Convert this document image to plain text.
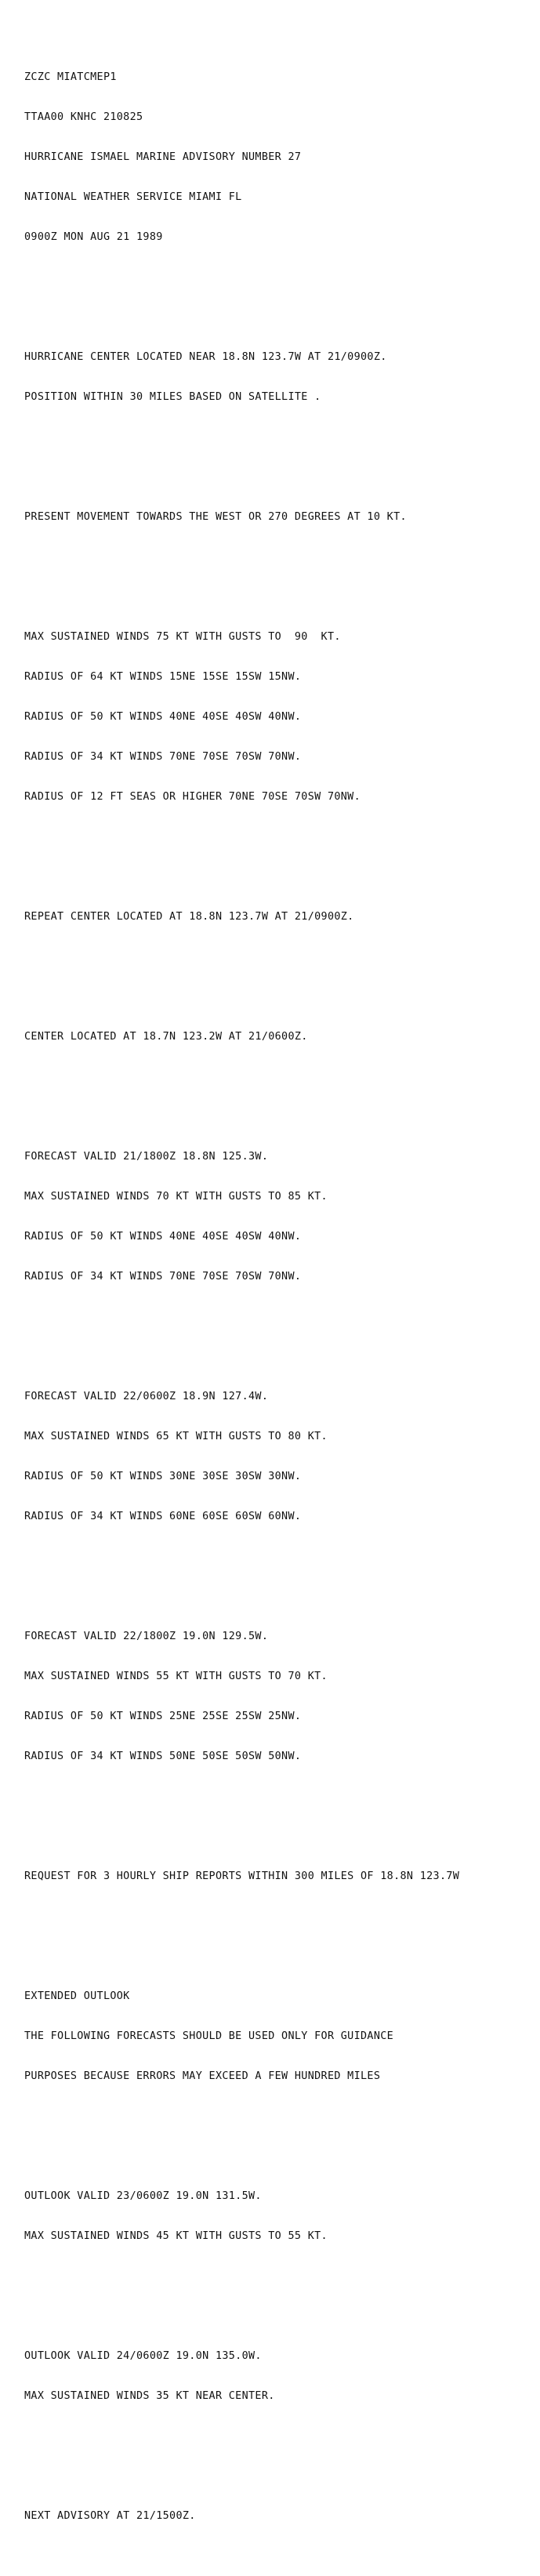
ZCZC MIATCMEP1

TTAA00 KNHC 210825

HURRICANE ISMAEL MARINE ADVISORY NUMBER 27

NATIONAL WEATHER SERVICE MIAMI FL

0900Z MON AUG 21 1989

HURRICANE CENTER LOCATED NEAR 18.8N 123.7W AT 21/0900Z.

POSITION WITHIN 30 MILES BASED ON SATELLITE .

PRESENT MOVEMENT TOWARDS THE WEST OR 270 DEGREES AT 10 KT.

MAX SUSTAINED WINDS 75 KT WITH GUSTS TO  90  KT.

RADIUS OF 64 KT WINDS 15NE 15SE 15SW 15NW.

RADIUS OF 50 KT WINDS 40NE 40SE 40SW 40NW.

RADIUS OF 34 KT WINDS 70NE 70SE 70SW 70NW.

RADIUS OF 12 FT SEAS OR HIGHER 70NE 70SE 70SW 70NW.

REPEAT CENTER LOCATED AT 18.8N 123.7W AT 21/0900Z.

CENTER LOCATED AT 18.7N 123.2W AT 21/0600Z.

FORECAST VALID 21/1800Z 18.8N 125.3W.

MAX SUSTAINED WINDS 70 KT WITH GUSTS TO 85 KT.

RADIUS OF 50 KT WINDS 40NE 40SE 40SW 40NW.

RADIUS OF 34 KT WINDS 70NE 70SE 70SW 70NW.

FORECAST VALID 22/0600Z 18.9N 127.4W.

MAX SUSTAINED WINDS 65 KT WITH GUSTS TO 80 KT.

RADIUS OF 50 KT WINDS 30NE 30SE 30SW 30NW.

RADIUS OF 34 KT WINDS 60NE 60SE 60SW 60NW.

FORECAST VALID 22/1800Z 19.0N 129.5W.

MAX SUSTAINED WINDS 55 KT WITH GUSTS TO 70 KT.

RADIUS OF 50 KT WINDS 25NE 25SE 25SW 25NW.

RADIUS OF 34 KT WINDS 50NE 50SE 50SW 50NW.

REQUEST FOR 3 HOURLY SHIP REPORTS WITHIN 300 MILES OF 18.8N 123.7W

EXTENDED OUTLOOK

THE FOLLOWING FORECASTS SHOULD BE USED ONLY FOR GUIDANCE

PURPOSES BECAUSE ERRORS MAY EXCEED A FEW HUNDRED MILES

OUTLOOK VALID 23/0600Z 19.0N 131.5W.

MAX SUSTAINED WINDS 45 KT WITH GUSTS TO 55 KT.

OUTLOOK VALID 24/0600Z 19.0N 135.0W.

MAX SUSTAINED WINDS 35 KT NEAR CENTER.

NEXT ADVISORY AT 21/1500Z.
